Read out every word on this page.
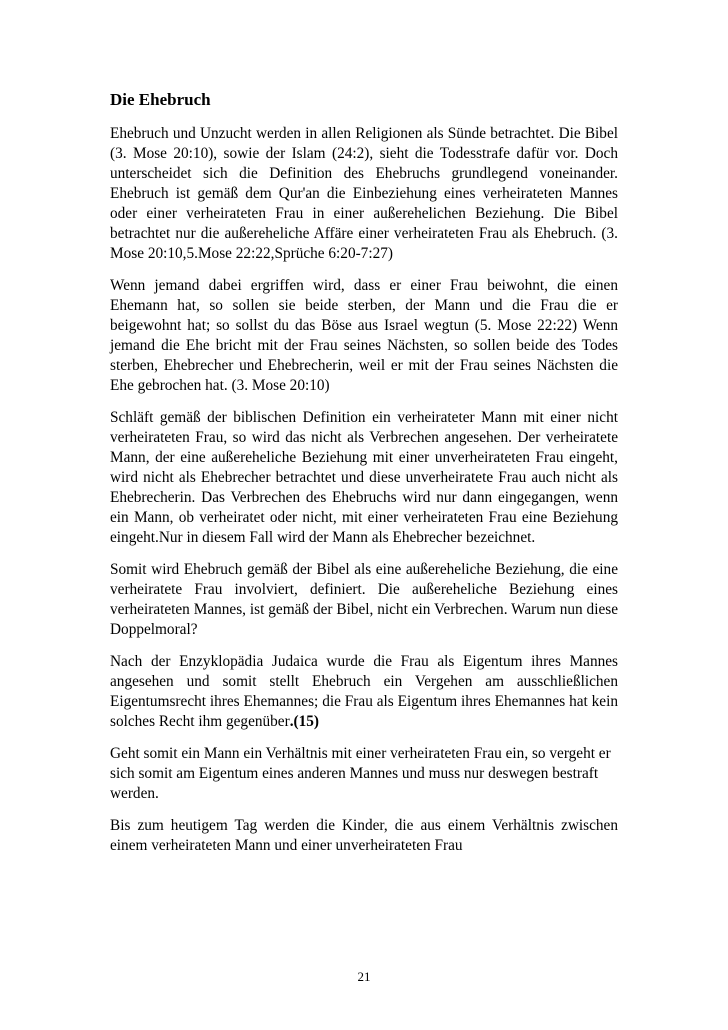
Die Ehebruch

Ehebruch und Unzucht werden in allen Religionen als Sünde betrachtet. Die Bibel (3. Mose 20:10), sowie der Islam (24:2), sieht die Todesstrafe dafür vor. Doch unterscheidet sich die Definition des Ehebruchs grundlegend voneinander. Ehebruch ist gemäß dem Qur'an die Einbeziehung eines verheirateten Mannes oder einer verheirateten Frau in einer außerehelichen Beziehung. Die Bibel betrachtet nur die außereheliche Affäre einer verheirateten Frau als Ehebruch. (3. Mose 20:10,5.Mose 22:22,Sprüche 6:20-7:27)

Wenn jemand dabei ergriffen wird, dass er einer Frau beiwohnt, die einen Ehemann hat, so sollen sie beide sterben, der Mann und die Frau die er beigewohnt hat; so sollst du das Böse aus Israel wegtun (5. Mose 22:22) Wenn jemand die Ehe bricht mit der Frau seines Nächsten, so sollen beide des Todes sterben, Ehebrecher und Ehebrecherin, weil er mit der Frau seines Nächsten die Ehe gebrochen hat. (3. Mose 20:10)

Schläft gemäß der biblischen Definition ein verheirateter Mann mit einer nicht verheirateten Frau, so wird das nicht als Verbrechen angesehen. Der verheiratete Mann, der eine außereheliche Beziehung mit einer unverheirateten Frau eingeht, wird nicht als Ehebrecher betrachtet und diese unverheiratete Frau auch nicht als Ehebrecherin. Das Verbrechen des Ehebruchs wird nur dann eingegangen, wenn ein Mann, ob verheiratet oder nicht, mit einer verheirateten Frau eine Beziehung eingeht.Nur in diesem Fall wird der Mann als Ehebrecher bezeichnet.

Somit wird Ehebruch gemäß der Bibel als eine außereheliche Beziehung, die eine verheiratete Frau involviert, definiert. Die außereheliche Beziehung eines verheirateten Mannes, ist gemäß der Bibel, nicht ein Verbrechen. Warum nun diese Doppelmoral?

Nach der Enzyklopädia Judaica wurde die Frau als Eigentum ihres Mannes angesehen und somit stellt Ehebruch ein Vergehen am ausschließlichen Eigentumsrecht ihres Ehemannes; die Frau als Eigentum ihres Ehemannes hat kein solches Recht ihm gegenüber.(15)

Geht somit ein Mann ein Verhältnis mit einer verheirateten Frau ein, so vergeht er sich somit am Eigentum eines anderen Mannes und muss nur deswegen bestraft werden.

Bis zum heutigem Tag werden die Kinder, die aus einem Verhältnis zwischen einem verheirateten Mann und einer unverheirateten Frau

21
